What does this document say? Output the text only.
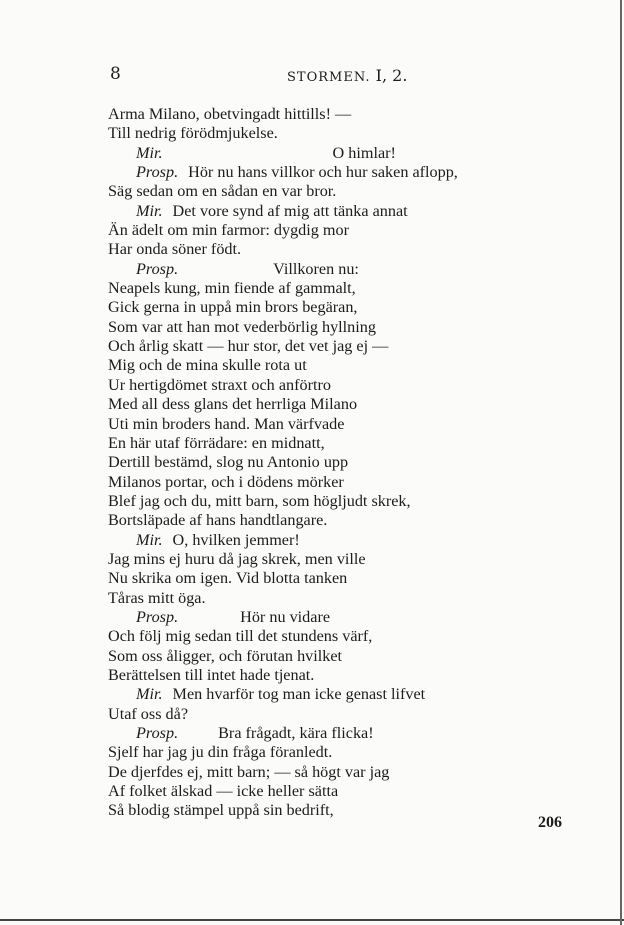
8	STORMEN. I, 2.
Arma Milano, obetvingadt hittills! —
Till nedrig förödmjukelse.
Mir.	O himlar!
Prosp. Hör nu hans villkor och hur saken aflopp,
Säg sedan om en sådan en var bror.
Mir. Det vore synd af mig att tänka annat
Än ädelt om min farmor: dygdig mor
Har onda söner födt.
Prosp.	Villkoren nu:
Neapels kung, min fiende af gammalt,
Gick gerna in uppå min brors begäran,
Som var att han mot vederbörlig hyllning
Och årlig skatt — hur stor, det vet jag ej —
Mig och de mina skulle rota ut
Ur hertigdömet straxt och anförtro
Med all dess glans det herrliga Milano
Uti min broders hand. Man värfvade
En här utaf förrädare: en midnatt,
Dertill bestämd, slog nu Antonio upp
Milanos portar, och i dödens mörker
Blef jag och du, mitt barn, som högljudt skrek,
Bortsläpade af hans handtlangare.
Mir. O, hvilken jemmer!
Jag mins ej huru då jag skrek, men ville
Nu skrika om igen. Vid blotta tanken
Tåras mitt öga.
Prosp.	Hör nu vidare
Och följ mig sedan till det stundens värf,
Som oss åligger, och förutan hvilket
Berättelsen till intet hade tjenat.
Mir. Men hvarför tog man icke genast lifvet
Utaf oss då?
Prosp. Bra frågadt, kära flicka!
Sjelf har jag ju din fråga föranledt.
De djerfdes ej, mitt barn; — så högt var jag
Af folket älskad — icke heller sätta
Så blodig stämpel uppå sin bedrift,
206
